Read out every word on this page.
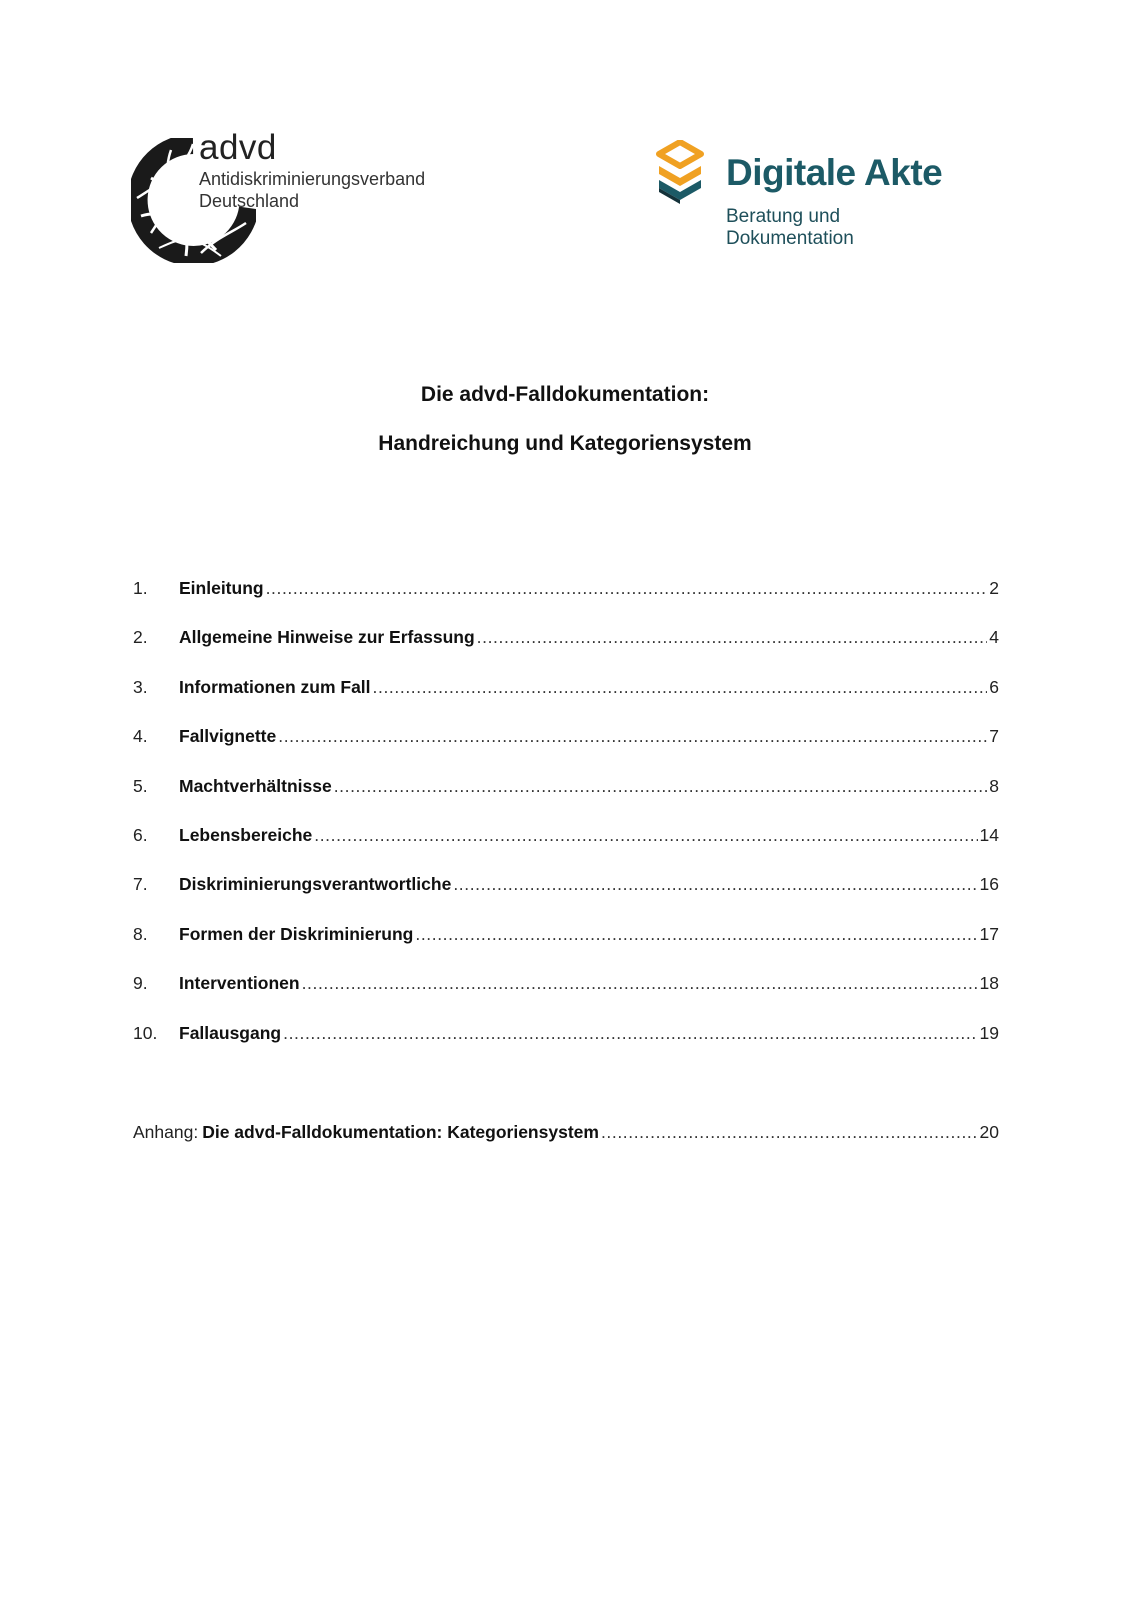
advd
Antidiskriminierungsverband
Deutschland
Digitale Akte
Beratung und
Dokumentation
Die advd-Falldokumentation:
Handreichung und Kategoriensystem
1.	Einleitung .....	2
2.	Allgemeine Hinweise zur Erfassung .....	4
3.	Informationen zum Fall .....	6
4.	Fallvignette .....	7
5.	Machtverhältnisse .....	8
6.	Lebensbereiche .....	14
7.	Diskriminierungsverantwortliche .....	16
8.	Formen der Diskriminierung .....	17
9.	Interventionen .....	18
10.	Fallausgang .....	19
Anhang: Die advd-Falldokumentation: Kategoriensystem .....	20
